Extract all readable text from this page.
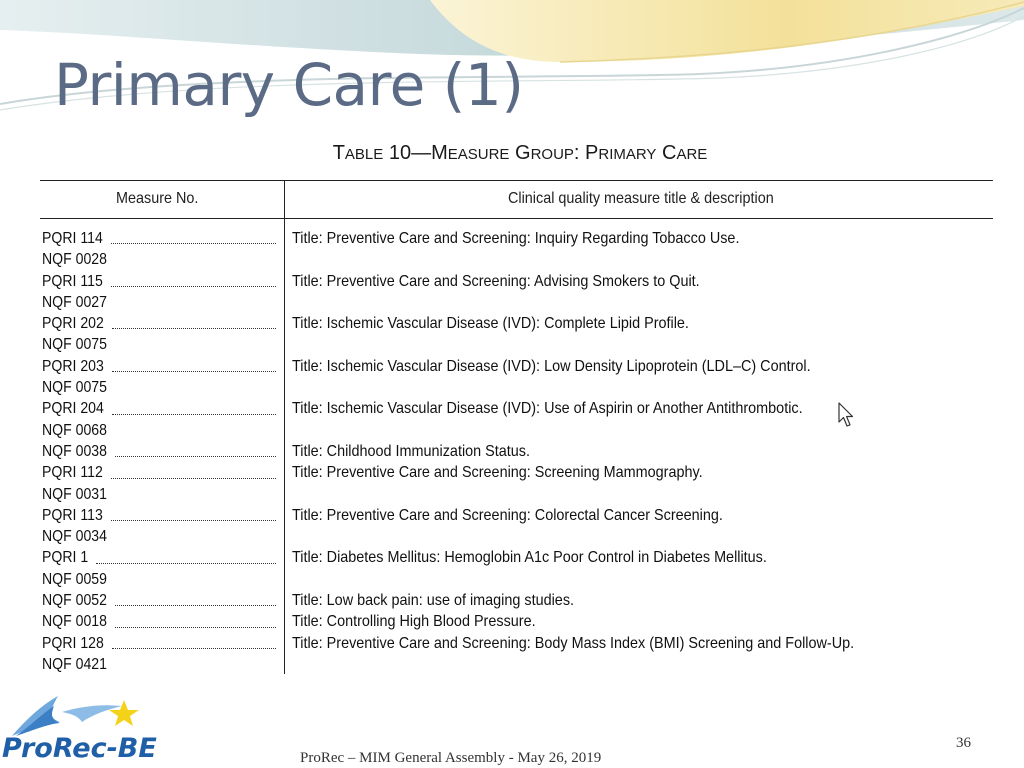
Primary Care (1)
TABLE 10—MEASURE GROUP: PRIMARY CARE
Measure No.	Clinical quality measure title & description
PQRI 114	Title: Preventive Care and Screening: Inquiry Regarding Tobacco Use.
NQF 0028
PQRI 115	Title: Preventive Care and Screening: Advising Smokers to Quit.
NQF 0027
PQRI 202	Title: Ischemic Vascular Disease (IVD): Complete Lipid Profile.
NQF 0075
PQRI 203	Title: Ischemic Vascular Disease (IVD): Low Density Lipoprotein (LDL–C) Control.
NQF 0075
PQRI 204	Title: Ischemic Vascular Disease (IVD): Use of Aspirin or Another Antithrombotic.
NQF 0068
NQF 0038	Title: Childhood Immunization Status.
PQRI 112	Title: Preventive Care and Screening: Screening Mammography.
NQF 0031
PQRI 113	Title: Preventive Care and Screening: Colorectal Cancer Screening.
NQF 0034
PQRI 1	Title: Diabetes Mellitus: Hemoglobin A1c Poor Control in Diabetes Mellitus.
NQF 0059
NQF 0052	Title: Low back pain: use of imaging studies.
NQF 0018	Title: Controlling High Blood Pressure.
PQRI 128	Title: Preventive Care and Screening: Body Mass Index (BMI) Screening and Follow-Up.
NQF 0421
ProRec-BE	ProRec – MIM General Assembly - May 26, 2019
36
